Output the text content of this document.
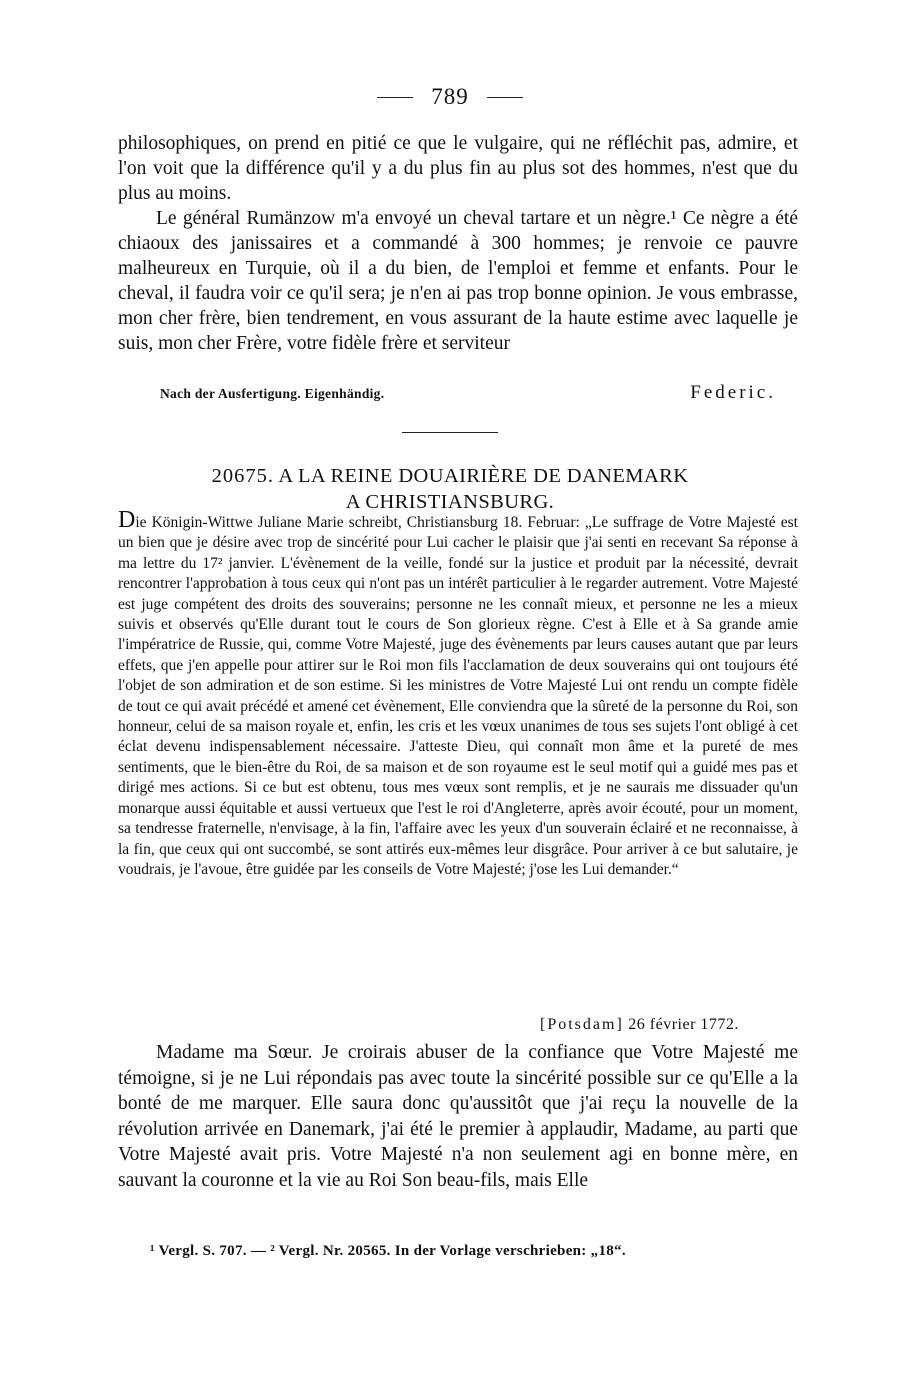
789

philosophiques, on prend en pitié ce que le vulgaire, qui ne réfléchit pas, admire, et l'on voit que la différence qu'il y a du plus fin au plus sot des hommes, n'est que du plus au moins.

Le général Rumänzow m'a envoyé un cheval tartare et un nègre.¹ Ce nègre a été chiaoux des janissaires et a commandé à 300 hommes; je renvoie ce pauvre malheureux en Turquie, où il a du bien, de l'emploi et femme et enfants. Pour le cheval, il faudra voir ce qu'il sera; je n'en ai pas trop bonne opinion. Je vous embrasse, mon cher frère, bien tendrement, en vous assurant de la haute estime avec laquelle je suis, mon cher Frère, votre fidèle frère et serviteur

Nach der Ausfertigung. Eigenhändig.	Federic.
20675. A LA REINE DOUAIRIÈRE DE DANEMARK
A CHRISTIANSBURG.

Die Königin-Wittwe Juliane Marie schreibt, Christiansburg 18. Februar: „Le suffrage de Votre Majesté est un bien que je désire avec trop de sincérité pour Lui cacher le plaisir que j'ai senti en recevant Sa réponse à ma lettre du 17² janvier. L'évènement de la veille, fondé sur la justice et produit par la nécessité, devrait rencontrer l'approbation à tous ceux qui n'ont pas un intérêt particulier à le regarder autrement. Votre Majesté est juge compétent des droits des souverains; personne ne les connaît mieux, et personne ne les a mieux suivis et observés qu'Elle durant tout le cours de Son glorieux règne. C'est à Elle et à Sa grande amie l'impératrice de Russie, qui, comme Votre Majesté, juge des évènements par leurs causes autant que par leurs effets, que j'en appelle pour attirer sur le Roi mon fils l'acclamation de deux souverains qui ont toujours été l'objet de son admiration et de son estime. Si les ministres de Votre Majesté Lui ont rendu un compte fidèle de tout ce qui avait précédé et amené cet évènement, Elle conviendra que la sûreté de la personne du Roi, son honneur, celui de sa maison royale et, enfin, les cris et les vœux unanimes de tous ses sujets l'ont obligé à cet éclat devenu indispensablement nécessaire. J'atteste Dieu, qui connaît mon âme et la pureté de mes sentiments, que le bien-être du Roi, de sa maison et de son royaume est le seul motif qui a guidé mes pas et dirigé mes actions. Si ce but est obtenu, tous mes vœux sont remplis, et je ne saurais me dissuader qu'un monarque aussi équitable et aussi vertueux que l'est le roi d'Angleterre, après avoir écouté, pour un moment, sa tendresse fraternelle, n'envisage, à la fin, l'affaire avec les yeux d'un souverain éclairé et ne reconnaisse, à la fin, que ceux qui ont succombé, se sont attirés eux-mêmes leur disgrâce. Pour arriver à ce but salutaire, je voudrais, je l'avoue, être guidée par les conseils de Votre Majesté; j'ose les Lui demander.“

[Potsdam] 26 février 1772.

Madame ma Sœur. Je croirais abuser de la confiance que Votre Majesté me témoigne, si je ne Lui répondais pas avec toute la sincérité possible sur ce qu'Elle a la bonté de me marquer. Elle saura donc qu'aussitôt que j'ai reçu la nouvelle de la révolution arrivée en Danemark, j'ai été le premier à applaudir, Madame, au parti que Votre Majesté avait pris. Votre Majesté n'a non seulement agi en bonne mère, en sauvant la couronne et la vie au Roi Son beau-fils, mais Elle

¹ Vergl. S. 707. — ² Vergl. Nr. 20565. In der Vorlage verschrieben: „18“.
